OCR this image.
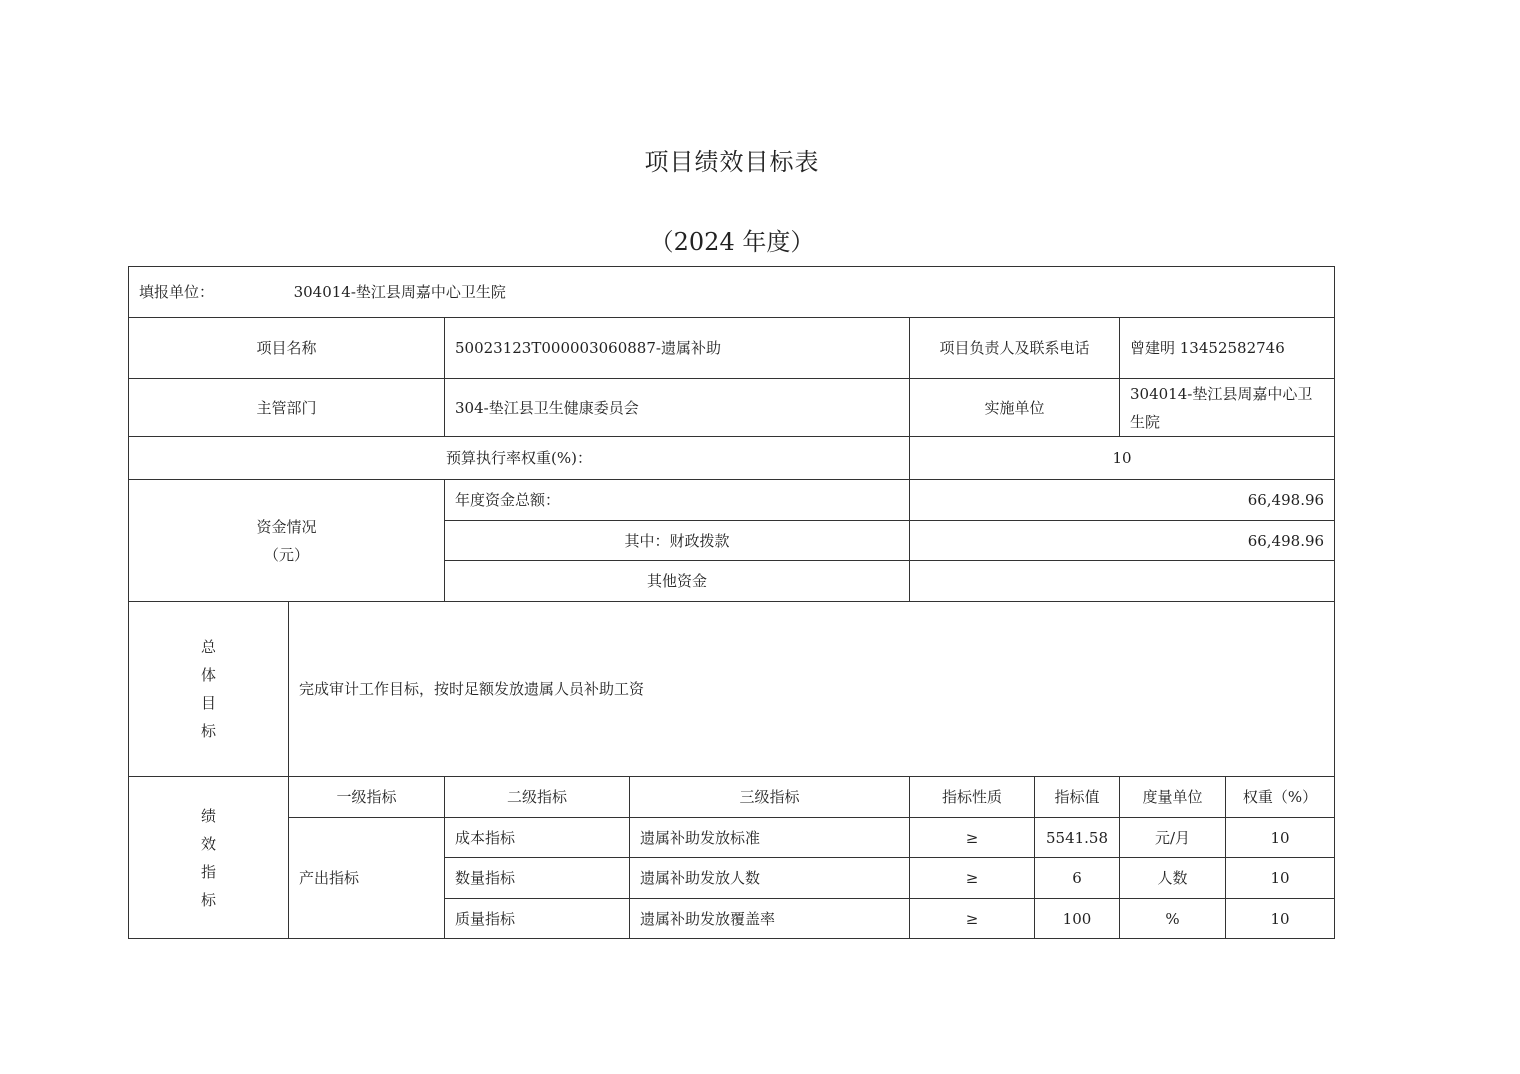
项目绩效目标表
（2024 年度）
填报单位： 304014-垫江县周嘉中心卫生院							
项目名称		50023123T000003060887-遗属补助		项目负责人及联系电话		曾建明 13452582746	
主管部门		304-垫江县卫生健康委员会		实施单位		304014-垫江县周嘉中心卫生院	
预算执行率权重(%)：				10			

资金情况
（元）		年度资金总额：		66,498.96			
		其中：财政拨款		66,498.96			
		其他资金					

总
体
目
标	完成审计工作目标，按时足额发放遗属人员补助工资						

绩
效
指
标	一级指标	二级指标	三级指标	指标性质	指标值	度量单位	权重（%）
	产出指标	成本指标	遗属补助发放标准	≥	5541.58	元/月	10
		数量指标	遗属补助发放人数	≥	6	人数	10
		质量指标	遗属补助发放覆盖率	≥	100	%	10
